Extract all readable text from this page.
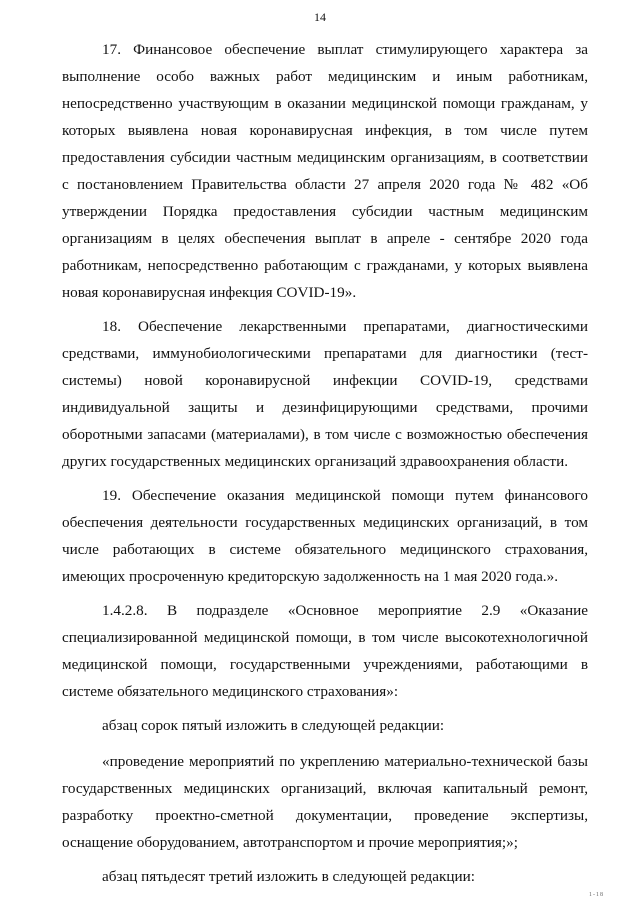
14

17. Финансовое обеспечение выплат стимулирующего характера за выполнение особо важных работ медицинским и иным работникам, непосредственно участвующим в оказании медицинской помощи гражданам, у которых выявлена новая коронавирусная инфекция, в том числе путем предоставления субсидии частным медицинским организациям, в соответствии с постановлением Правительства области 27 апреля 2020 года № 482 «Об утверждении Порядка предоставления субсидии частным медицинским организациям в целях обеспечения выплат в апреле - сентябре 2020 года работникам, непосредственно работающим с гражданами, у которых выявлена новая коронавирусная инфекция COVID-19».

18. Обеспечение лекарственными препаратами, диагностическими средствами, иммунобиологическими препаратами для диагностики (тест-системы) новой коронавирусной инфекции COVID-19, средствами индивидуальной защиты и дезинфицирующими средствами, прочими оборотными запасами (материалами), в том числе с возможностью обеспечения других государственных медицинских организаций здравоохранения области.

19. Обеспечение оказания медицинской помощи путем финансового обеспечения деятельности государственных медицинских организаций, в том числе работающих в системе обязательного медицинского страхования, имеющих просроченную кредиторскую задолженность на 1 мая 2020 года.».

1.4.2.8. В подразделе «Основное мероприятие 2.9 «Оказание специализированной медицинской помощи, в том числе высокотехнологичной медицинской помощи, государственными учреждениями, работающими в системе обязательного медицинского страхования»:

абзац сорок пятый изложить в следующей редакции:

«проведение мероприятий по укреплению материально-технической базы государственных медицинских организаций, включая капитальный ремонт, разработку проектно-сметной документации, проведение экспертизы, оснащение оборудованием, автотранспортом и прочие мероприятия;»;

абзац пятьдесят третий изложить в следующей редакции:

1-18
